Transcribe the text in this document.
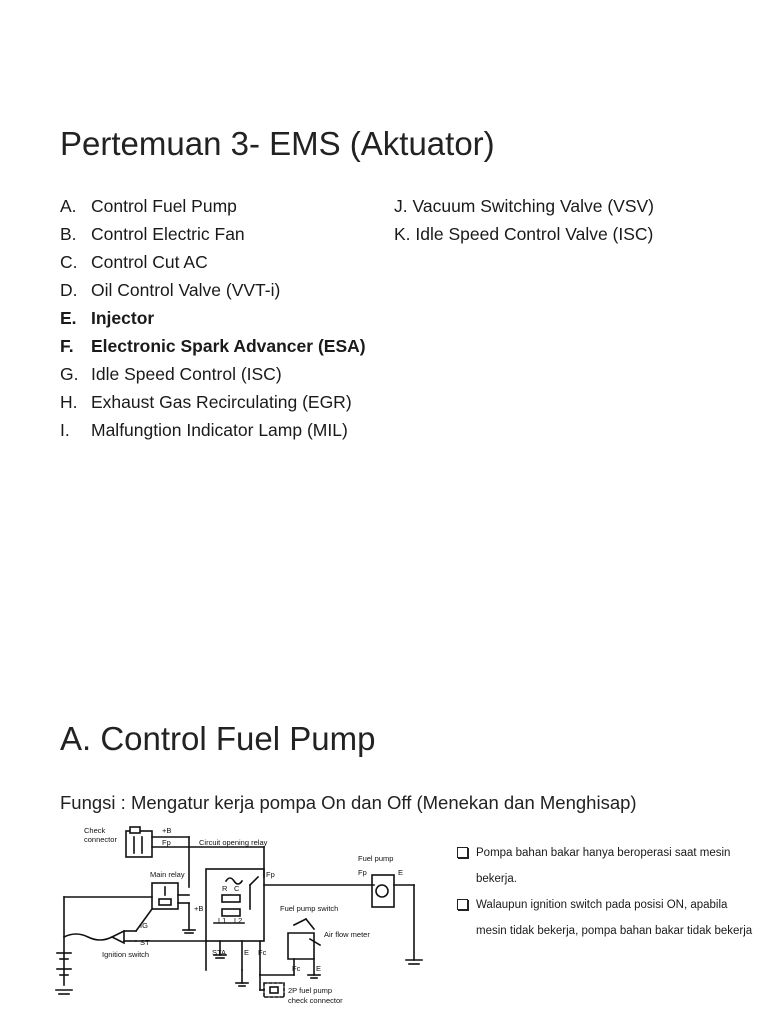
Pertemuan 3- EMS (Aktuator)
A. Control Fuel Pump
B. Control Electric Fan
C. Control Cut AC
D. Oil Control Valve (VVT-i)
E. Injector
F. Electronic Spark Advancer (ESA)
G. Idle Speed Control (ISC)
H. Exhaust Gas Recirculating (EGR)
I.	Malfungtion Indicator Lamp (MIL)
J. Vacuum Switching Valve (VSV)
K. Idle Speed Control Valve (ISC)
A. Control Fuel Pump

Fungsi : Mengatur kerja pompa On dan Off (Menekan dan Menghisap)

Check
connector
+B
Fp	Circuit opening relay
Main relay
R C
Fp
L1 L2
+B
IG
ST
Ignition switch	STA E Fc
Fuel pump
Fp	E
Fuel pump switch
Air flow meter
Fc E
2P fuel pump
check connector
Pompa bahan bakar hanya beroperasi saat mesin bekerja.
Walaupun ignition switch pada posisi ON, apabila mesin tidak bekerja, pompa bahan bakar tidak bekerja
